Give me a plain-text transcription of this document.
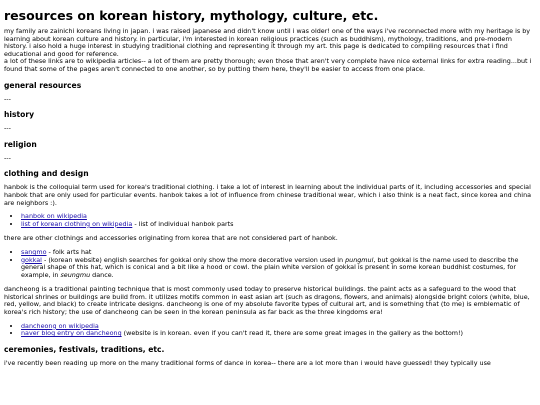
resources on korean history, mythology, culture, etc.

my family are zainichi koreans living in japan. i was raised japanese and didn't know until i was older! one of the ways i've reconnected more with my heritage is by learning about korean culture and history. in particular, i'm interested in korean religious practices (such as buddhism), mythology, traditions, and pre-modern history. i also hold a huge interest in studying traditional clothing and representing it through my art. this page is dedicated to compiling resources that i find educational and good for reference.
a lot of these links are to wikipedia articles-- a lot of them are pretty thorough; even those that aren't very complete have nice external links for extra reading...but i found that some of the pages aren't connected to one another, so by putting them here, they'll be easier to access from one place.

general resources
---
history
---
religion
---
clothing and design

hanbok is the colloquial term used for korea's traditional clothing. i take a lot of interest in learning about the individual parts of it, including accessories and special hanbok that are only used for particular events. hanbok takes a lot of influence from chinese traditional wear, which i also think is a neat fact, since korea and china are neighbors :).

• hanbok on wikipedia
• list of korean clothing on wikipedia - list of individual hanbok parts

there are other clothings and accessories originating from korea that are not considered part of hanbok.

• sangmo - folk arts hat
• gokkal - (korean website) english searches for gokkal only show the more decorative version used in pungmul, but gokkal is the name used to describe the general shape of this hat, which is conical and a bit like a hood or cowl. the plain white version of gokkal is present in some korean buddhist costumes, for example, in seungmu dance.

dancheong is a traditional painting technique that is most commonly used today to preserve historical buildings. the paint acts as a safeguard to the wood that historical shrines or buildings are build from. it utilizes motifs common in east asian art (such as dragons, flowers, and animals) alongside bright colors (white, blue, red, yellow, and black) to create intricate designs. dancheong is one of my absolute favorite types of cultural art, and is something that (to me) is emblematic of korea's rich history; the use of dancheong can be seen in the korean peninsula as far back as the three kingdoms era!

• dancheong on wikipedia
• naver blog entry on dancheong (website is in korean. even if you can't read it, there are some great images in the gallery as the bottom!)
ceremonies, festivals, traditions, etc.

i've recently been reading up more on the many traditional forms of dance in korea-- there are a lot more than i would have guessed! they typically use
